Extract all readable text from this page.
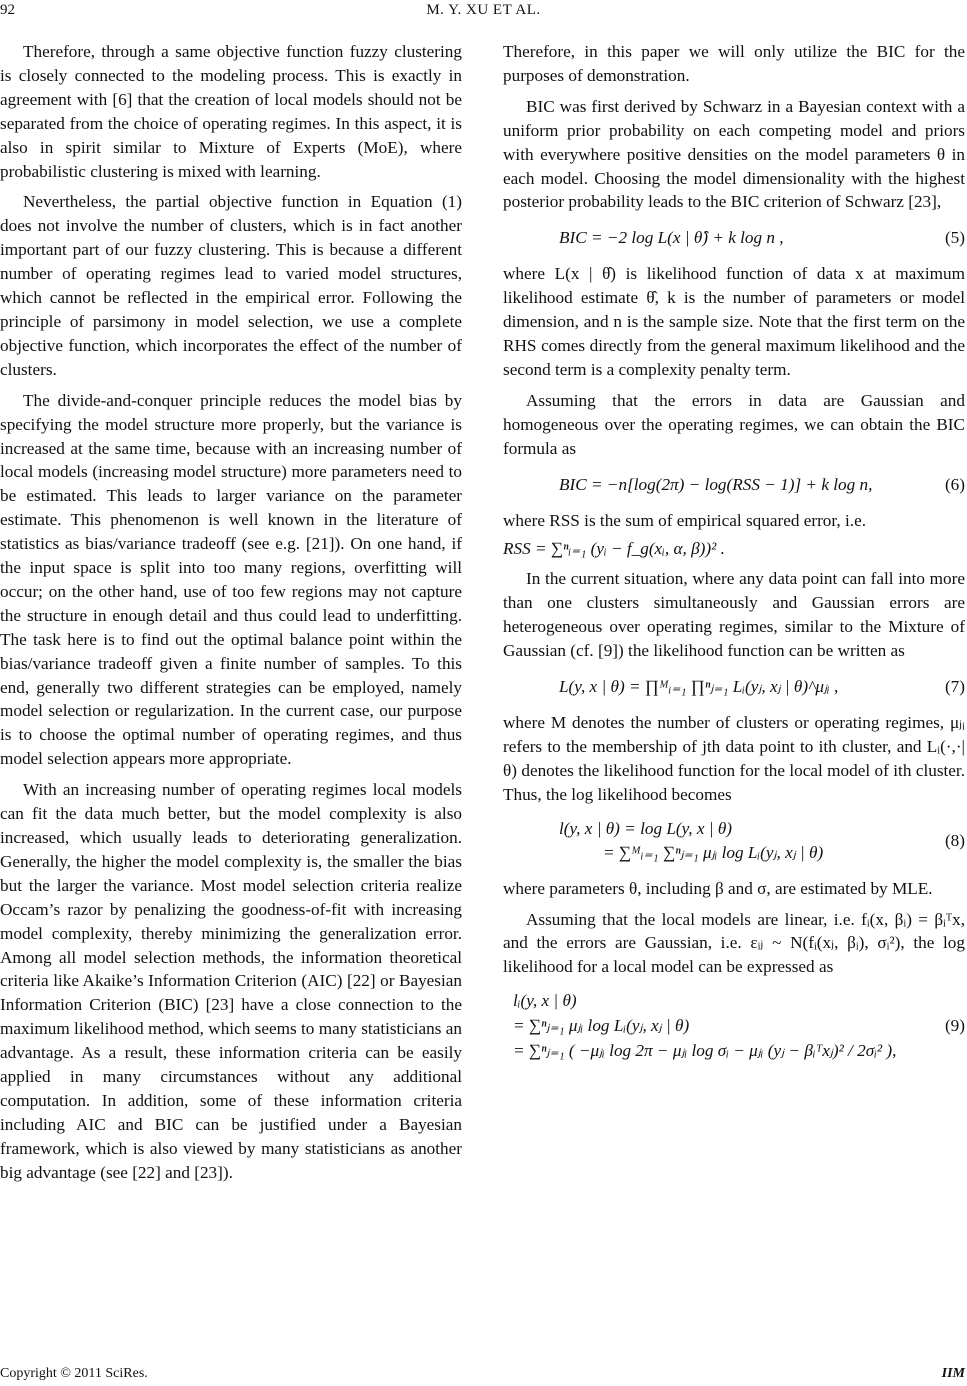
92	M. Y. XU ET AL.

Therefore, through a same objective function fuzzy clustering is closely connected to the modeling process. This is exactly in agreement with [6] that the creation of local models should not be separated from the choice of operating regimes. In this aspect, it is also in spirit similar to Mixture of Experts (MoE), where probabilistic clustering is mixed with learning.

Nevertheless, the partial objective function in Equation (1) does not involve the number of clusters, which is in fact another important part of our fuzzy clustering. This is because a different number of operating regimes lead to varied model structures, which cannot be reflected in the empirical error. Following the principle of parsimony in model selection, we use a complete objective function, which incorporates the effect of the number of clusters.

The divide-and-conquer principle reduces the model bias by specifying the model structure more properly, but the variance is increased at the same time, because with an increasing number of local models (increasing model structure) more parameters need to be estimated. This leads to larger variance on the parameter estimate. This phenomenon is well known in the literature of statistics as bias/variance tradeoff (see e.g. [21]). On one hand, if the input space is split into too many regions, overfitting will occur; on the other hand, use of too few regions may not capture the structure in enough detail and thus could lead to underfitting. The task here is to find out the optimal balance point within the bias/variance tradeoff given a finite number of samples. To this end, generally two different strategies can be employed, namely model selection or regularization. In the current case, our purpose is to choose the optimal number of operating regimes, and thus model selection appears more appropriate.

With an increasing number of operating regimes local models can fit the data much better, but the model complexity is also increased, which usually leads to deteriorating generalization. Generally, the higher the model complexity is, the smaller the bias but the larger the variance. Most model selection criteria realize Occam’s razor by penalizing the goodness-of-fit with increasing model complexity, thereby minimizing the generalization error. Among all model selection methods, the information theoretical criteria like Akaike’s Information Criterion (AIC) [22] or Bayesian Information Criterion (BIC) [23] have a close connection to the maximum likelihood method, which seems to many statisticians an advantage. As a result, these information criteria can be easily applied in many circumstances without any additional computation. In addition, some of these information criteria including AIC and BIC can be justified under a Bayesian framework, which is also viewed by many statisticians as another big advantage (see [22] and [23]).

Therefore, in this paper we will only utilize the BIC for the purposes of demonstration.

BIC was first derived by Schwarz in a Bayesian context with a uniform prior probability on each competing model and priors with everywhere positive densities on the model parameters θ in each model. Choosing the model dimensionality with the highest posterior probability leads to the BIC criterion of Schwarz [23],

BIC = −2 log L(x | θ̂) + k log n ,	(5)

where L(x | θ̂) is likelihood function of data x at maximum likelihood estimate θ̂, k is the number of parameters or model dimension, and n is the sample size. Note that the first term on the RHS comes directly from the general maximum likelihood and the second term is a complexity penalty term.

Assuming that the errors in data are Gaussian and homogeneous over the operating regimes, we can obtain the BIC formula as

BIC = −n[log(2π) − log(RSS − 1)] + k log n,	(6)

where RSS is the sum of empirical squared error, i.e.

RSS = ∑ⁿᵢ₌₁ (yᵢ − f_g(xᵢ, α, β))² .

In the current situation, where any data point can fall into more than one clusters simultaneously and Gaussian errors are heterogeneous over operating regimes, similar to the Mixture of Gaussian (cf. [9]) the likelihood function can be written as

L(y, x | θ) = ∏ᴹᵢ₌₁ ∏ⁿⱼ₌₁ Lᵢ(yⱼ, xⱼ | θ)^μⱼᵢ ,	(7)

where M denotes the number of clusters or operating regimes, μⱼᵢ refers to the membership of jth data point to ith cluster, and Lᵢ(·,·|θ) denotes the likelihood function for the local model of ith cluster. Thus, the log likelihood becomes

l(y, x | θ) = log L(y, x | θ)
= ∑ᴹᵢ₌₁ ∑ⁿⱼ₌₁ μⱼᵢ log Lᵢ(yⱼ, xⱼ | θ)
(8)

where parameters θ, including β and σ, are estimated by MLE.

Assuming that the local models are linear, i.e. fᵢ(x, βᵢ) = βᵢᵀx, and the errors are Gaussian, i.e. εᵢⱼ ~ N(fᵢ(xⱼ, βᵢ), σᵢ²), the log likelihood for a local model can be expressed as

lᵢ(y, x | θ)
= ∑ⁿⱼ₌₁ μⱼᵢ log Lᵢ(yⱼ, xⱼ | θ)
= ∑ⁿⱼ₌₁ ( −μⱼᵢ log 2π − μⱼᵢ log σᵢ − μⱼᵢ (yⱼ − βᵢᵀxⱼ)² / 2σᵢ² ),
(9)
Copyright © 2011 SciRes.	IIM
